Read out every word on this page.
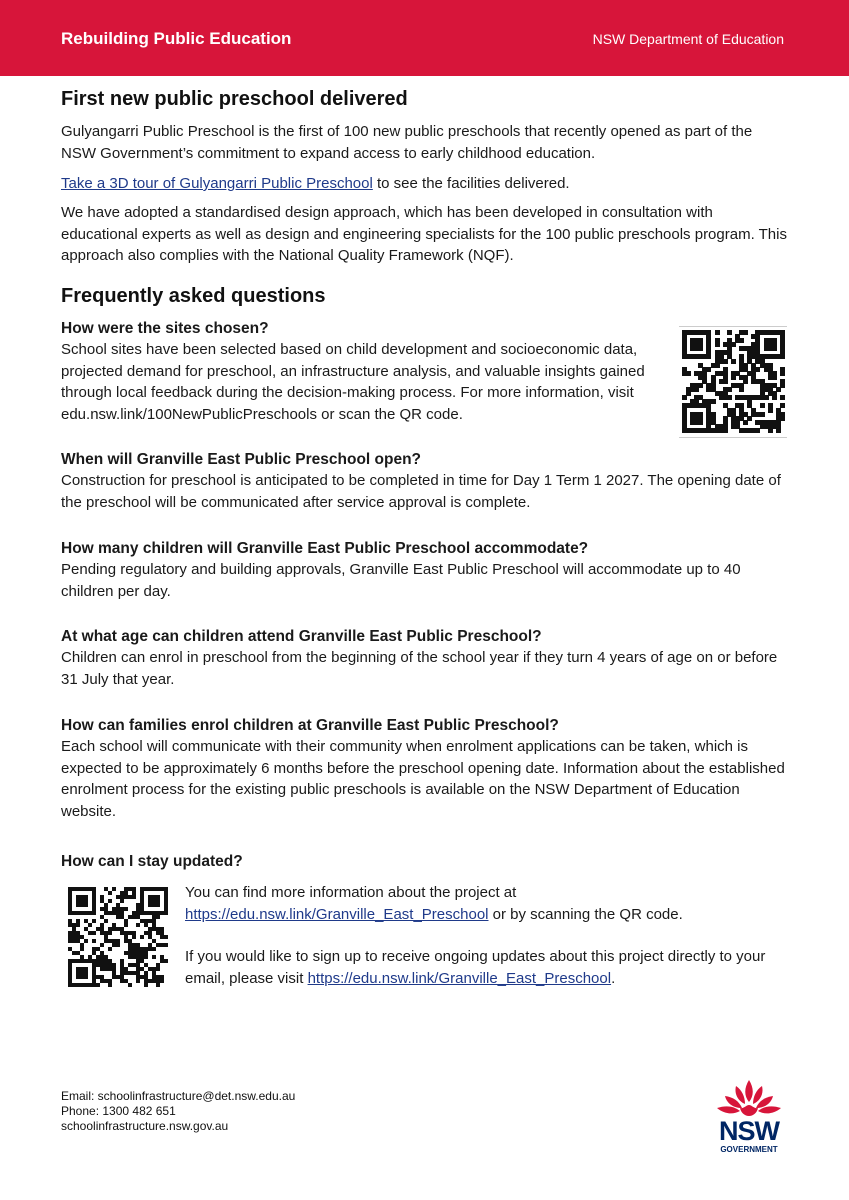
Rebuilding Public Education	NSW Department of Education
First new public preschool delivered

Gulyangarri Public Preschool is the first of 100 new public preschools that recently opened as part of the NSW Government’s commitment to expand access to early childhood education.

Take a 3D tour of Gulyangarri Public Preschool to see the facilities delivered.

We have adopted a standardised design approach, which has been developed in consultation with educational experts as well as design and engineering specialists for the 100 public preschools program. This approach also complies with the National Quality Framework (NQF).

Frequently asked questions
How were the sites chosen?

School sites have been selected based on child development and socioeconomic data, projected demand for preschool, an infrastructure analysis, and valuable insights gained through local feedback during the decision-making process. For more information, visit edu.nsw.link/100NewPublicPreschools or scan the QR code.

When will Granville East Public Preschool open?

Construction for preschool is anticipated to be completed in time for Day 1 Term 1 2027. The opening date of the preschool will be communicated after service approval is complete.

How many children will Granville East Public Preschool accommodate?

Pending regulatory and building approvals, Granville East Public Preschool will accommodate up to 40 children per day.

At what age can children attend Granville East Public Preschool?

Children can enrol in preschool from the beginning of the school year if they turn 4 years of age on or before 31 July that year.

How can families enrol children at Granville East Public Preschool?

Each school will communicate with their community when enrolment applications can be taken, which is expected to be approximately 6 months before the preschool opening date. Information about the established enrolment process for the existing public preschools is available on the NSW Department of Education website.

How can I stay updated?

You can find more information about the project at
https://edu.nsw.link/Granville_East_Preschool or by scanning the QR code.

If you would like to sign up to receive ongoing updates about this project directly to your email, please visit https://edu.nsw.link/Granville_East_Preschool.

Email: schoolinfrastructure@det.nsw.edu.au
Phone: 1300 482 651
schoolinfrastructure.nsw.gov.au	NSW
GOVERNMENT
